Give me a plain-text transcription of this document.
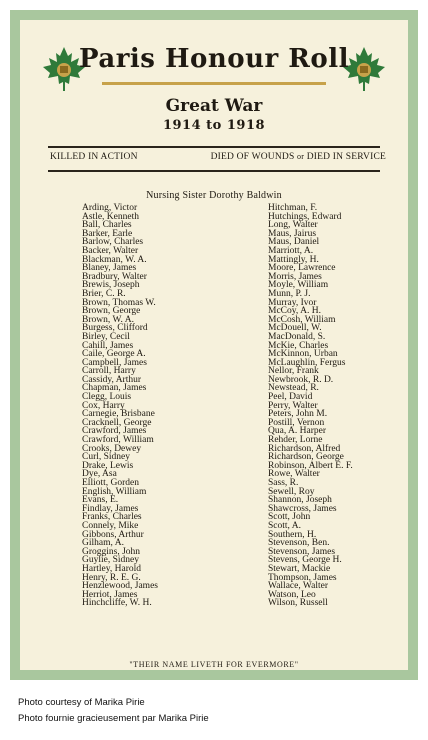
Paris Honour Roll
Great War
1914 to 1918
KILLED IN ACTION	DIED OF WOUNDS or DIED IN SERVICE
Nursing Sister Dorothy Baldwin
Arding, Victor
Astle, Kenneth
Ball, Charles
Barker, Earle
Barlow, Charles
Backer, Walter
Blackman, W. A.
Blaney, James
Bradbury, Walter
Brewis, Joseph
Brier, C. R.
Brown, Thomas W.
Brown, George
Brown, W. A.
Burgess, Clifford
Birley, Cecil
Cahill, James
Caile, George A.
Campbell, James
Carroll, Harry
Cassidy, Arthur
Chapman, James
Clegg, Louis
Cox, Harry
Carnegie, Brisbane
Cracknell, George
Crawford, James
Crawford, William
Crooks, Dewey
Curl, Sidney
Drake, Lewis
Dye, Asa
Elliott, Gorden
English, William
Evans, E.
Findlay, James
Franks, Charles
Connely, Mike
Gibbons, Arthur
Gilham, A.
Groggins, John
Guylie, Sidney
Hartley, Harold
Henry, R. E. G.
Henzlewood, James
Herriot, James
Hinchcliffe, W. H.
Hitchman, F.
Hutchings, Edward
Long, Walter
Maus, Jairus
Maus, Daniel
Marriott, A.
Mattingly, H.
Moore, Lawrence
Morris, James
Moyle, William
Munn, P. J.
Murray, Ivor
McCoy, A. H.
McCosh, William
McDouell, W.
MacDonald, S.
McKie, Charles
McKinnon, Urban
McLaughlin, Fergus
Nellor, Frank
Newbrook, R. D.
Newstead, R.
Peel, David
Perry, Walter
Peters, John M.
Postill, Vernon
Qua, A. Harper
Rehder, Lorne
Richardson, Alfred
Richardson, George
Robinson, Albert E. F.
Rowe, Walter
Sass, R.
Sewell, Roy
Shannon, Joseph
Shawcross, James
Scott, John
Scott, A.
Southern, H.
Stevenson, Ben.
Stevenson, James
Stevens, George H.
Stewart, Mackie
Thompson, James
Wallace, Walter
Watson, Leo
Wilson, Russell
"THEIR NAME LIVETH FOR EVERMORE"
Photo courtesy of Marika Pirie
Photo fournie gracieusement par Marika Pirie
